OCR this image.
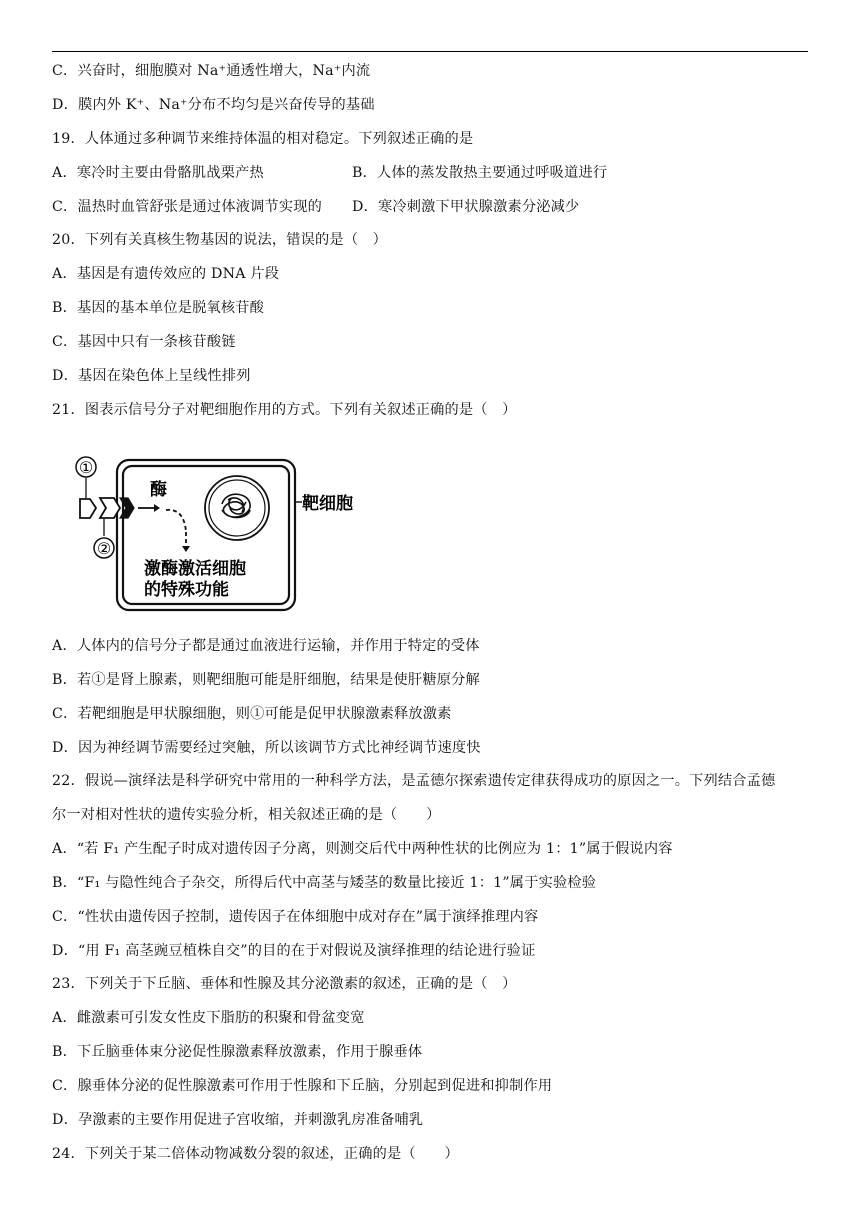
C．兴奋时，细胞膜对 Na⁺通透性增大，Na⁺内流
D．膜内外 K⁺、Na⁺分布不均匀是兴奋传导的基础
19．人体通过多种调节来维持体温的相对稳定。下列叙述正确的是
A．寒冷时主要由骨骼肌战栗产热	B．人体的蒸发散热主要通过呼吸道进行
C．温热时血管舒张是通过体液调节实现的 D．寒冷刺激下甲状腺激素分泌减少
20．下列有关真核生物基因的说法，错误的是（　）
A．基因是有遗传效应的 DNA 片段
B．基因的基本单位是脱氧核苷酸
C．基因中只有一条核苷酸链
D．基因在染色体上呈线性排列
21．图表示信号分子对靶细胞作用的方式。下列有关叙述正确的是（　）
①
②
酶
靶细胞
激酶激活细胞
的特殊功能
A．人体内的信号分子都是通过血液进行运输，并作用于特定的受体
B．若①是肾上腺素，则靶细胞可能是肝细胞，结果是使肝糖原分解
C．若靶细胞是甲状腺细胞，则①可能是促甲状腺激素释放激素
D．因为神经调节需要经过突触，所以该调节方式比神经调节速度快
22．假说—演绎法是科学研究中常用的一种科学方法，是孟德尔探索遗传定律获得成功的原因之一。下列结合孟德
尔一对相对性状的遗传实验分析，相关叙述正确的是（　　）
A．“若 F₁ 产生配子时成对遗传因子分离，则测交后代中两种性状的比例应为 1：1”属于假说内容
B．“F₁ 与隐性纯合子杂交，所得后代中高茎与矮茎的数量比接近 1：1”属于实验检验
C．“性状由遗传因子控制，遗传因子在体细胞中成对存在”属于演绎推理内容
D．“用 F₁ 高茎豌豆植株自交”的目的在于对假说及演绎推理的结论进行验证
23．下列关于下丘脑、垂体和性腺及其分泌激素的叙述，正确的是（　）
A．雌激素可引发女性皮下脂肪的积聚和骨盆变宽
B．下丘脑垂体束分泌促性腺激素释放激素，作用于腺垂体
C．腺垂体分泌的促性腺激素可作用于性腺和下丘脑，分别起到促进和抑制作用
D．孕激素的主要作用促进子宫收缩，并刺激乳房准备哺乳
24．下列关于某二倍体动物减数分裂的叙述，正确的是（　　）
